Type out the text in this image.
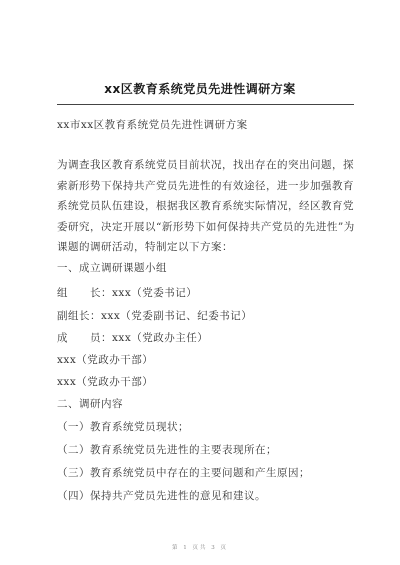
xx区教育系统党员先进性调研方案
xx市xx区教育系统党员先进性调研方案
为调查我区教育系统党员目前状况，找出存在的突出问题，探索新形势下保持共产党员先进性的有效途径，进一步加强教育系统党员队伍建设，根据我区教育系统实际情况，经区教育党委研究，决定开展以“新形势下如何保持共产党员的先进性”为课题的调研活动，特制定以下方案：
一、成立调研课题小组
组　　长：xxx（党委书记）
副组长：xxx（党委副书记、纪委书记）
成　　员：xxx（党政办主任）
xxx（党政办干部）
xxx（党政办干部）
二、调研内容
（一）教育系统党员现状；
（二）教育系统党员先进性的主要表现所在；
（三）教育系统党员中存在的主要问题和产生原因；
（四）保持共产党员先进性的意见和建议。
第 1 页共 3 页
